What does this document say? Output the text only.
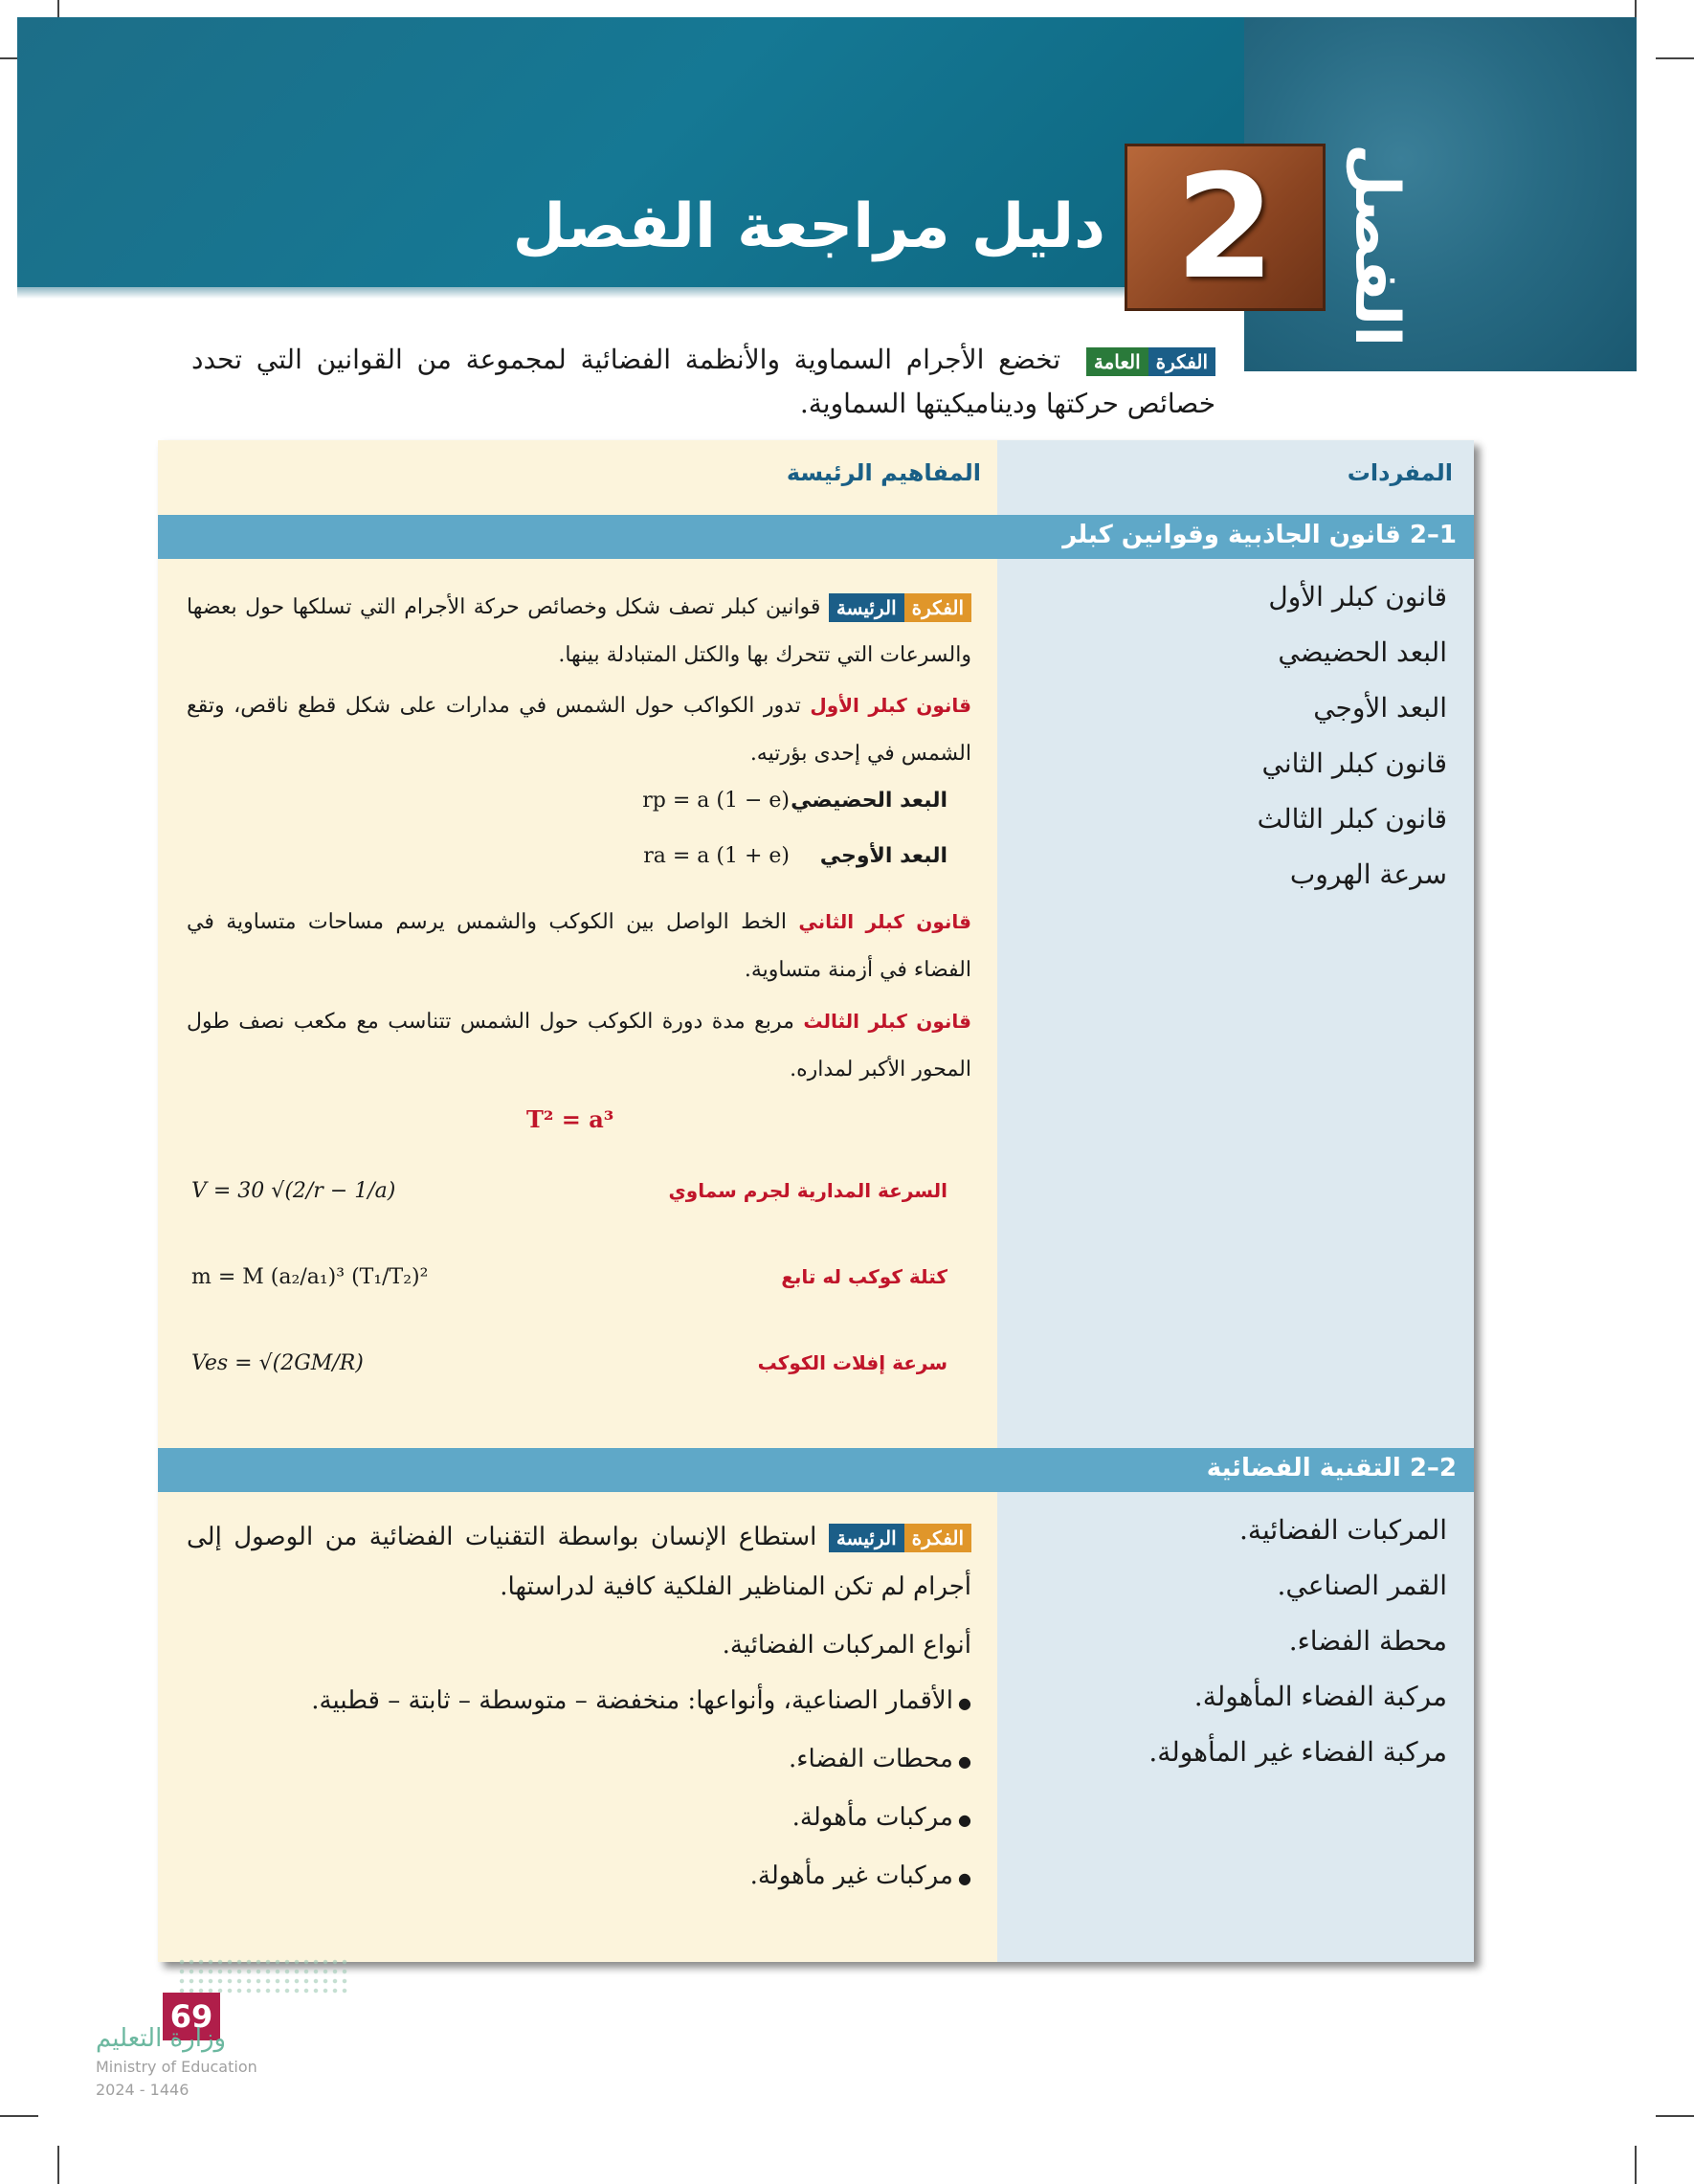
الفصل
2
دليل مراجعة الفصل
الفكرةالعامة تخضع الأجرام السماوية والأنظمة الفضائية لمجموعة من القوانين التي تحدد خصائص حركتها وديناميكيتها السماوية.
المفردات
المفاهيم الرئيسة
1–2 قانون الجاذبية وقوانين كبلر
قانون كبلر الأول
البعد الحضيضي
البعد الأوجي
قانون كبلر الثاني
قانون كبلر الثالث
سرعة الهروب
الفكرةالرئيسة قوانين كبلر تصف شكل وخصائص حركة الأجرام التي تسلكها حول بعضها والسرعات التي تتحرك بها والكتل المتبادلة بينها.
قانون كبلر الأول تدور الكواكب حول الشمس في مدارات على شكل قطع ناقص، وتقع الشمس في إحدى بؤرتيه.
البعد الحضيضي
rp = a (1 − e)
البعد الأوجي
ra = a (1 + e)
قانون كبلر الثاني الخط الواصل بين الكوكب والشمس يرسم مساحات متساوية في الفضاء في أزمنة متساوية.
قانون كبلر الثالث مربع مدة دورة الكوكب حول الشمس تتناسب مع مكعب نصف طول المحور الأكبر لمداره.
T² = a³
السرعة المدارية لجرم سماوي
V = 30 √(2/r − 1/a)
كتلة كوكب له تابع
m = M (a₂/a₁)³ (T₁/T₂)²
سرعة إفلات الكوكب
Ves = √(2GM/R)
2–2 التقنية الفضائية
المركبات الفضائية.
القمر الصناعي.
محطة الفضاء.
مركبة الفضاء المأهولة.
مركبة الفضاء غير المأهولة.
الفكرةالرئيسة استطاع الإنسان بواسطة التقنيات الفضائية من الوصول إلى أجرام لم تكن المناظير الفلكية كافية لدراستها.
أنواع المركبات الفضائية.
● الأقمار الصناعية، وأنواعها: منخفضة – متوسطة – ثابتة – قطبية.
● محطات الفضاء.
● مركبات مأهولة.
● مركبات غير مأهولة.
69
وزارة التعليم
Ministry of Education
2024 - 1446
